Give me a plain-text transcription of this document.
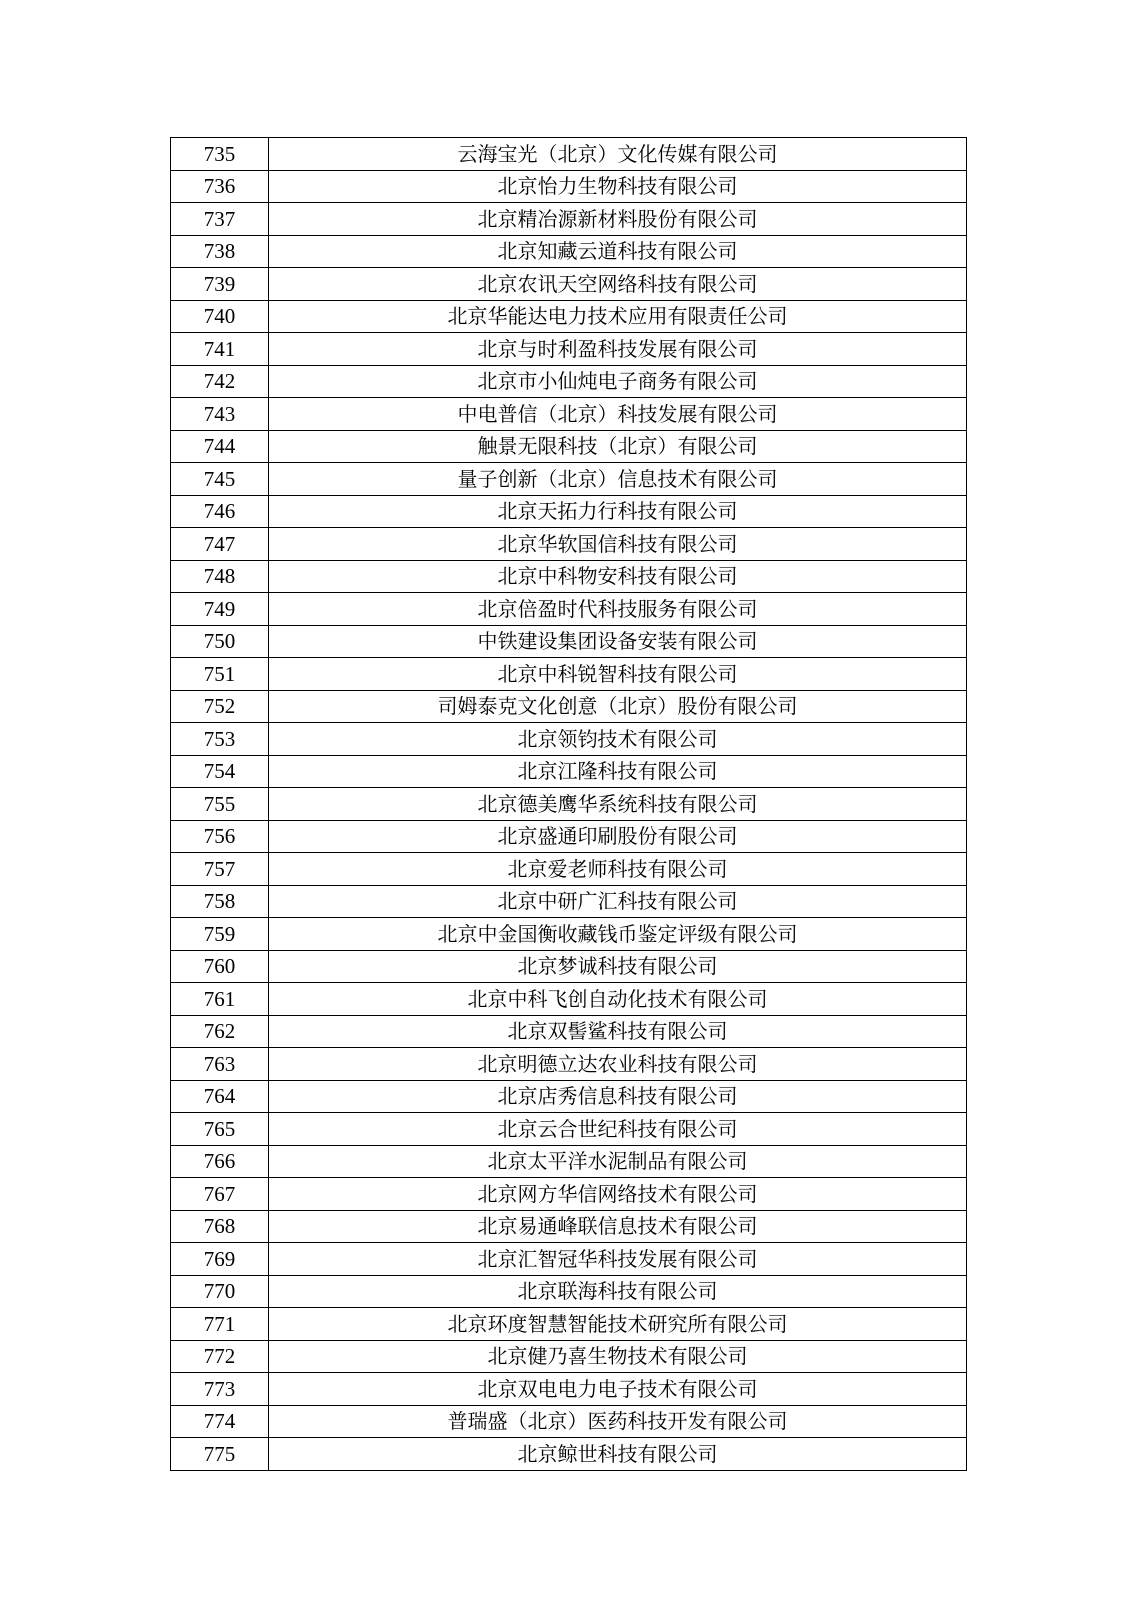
735	云海宝光（北京）文化传媒有限公司
736	北京怡力生物科技有限公司
737	北京精冶源新材料股份有限公司
738	北京知藏云道科技有限公司
739	北京农讯天空网络科技有限公司
740	北京华能达电力技术应用有限责任公司
741	北京与时利盈科技发展有限公司
742	北京市小仙炖电子商务有限公司
743	中电普信（北京）科技发展有限公司
744	触景无限科技（北京）有限公司
745	量子创新（北京）信息技术有限公司
746	北京天拓力行科技有限公司
747	北京华软国信科技有限公司
748	北京中科物安科技有限公司
749	北京倍盈时代科技服务有限公司
750	中铁建设集团设备安装有限公司
751	北京中科锐智科技有限公司
752	司姆泰克文化创意（北京）股份有限公司
753	北京领钧技术有限公司
754	北京江隆科技有限公司
755	北京德美鹰华系统科技有限公司
756	北京盛通印刷股份有限公司
757	北京爱老师科技有限公司
758	北京中研广汇科技有限公司
759	北京中金国衡收藏钱币鉴定评级有限公司
760	北京梦诚科技有限公司
761	北京中科飞创自动化技术有限公司
762	北京双髻鲨科技有限公司
763	北京明德立达农业科技有限公司
764	北京店秀信息科技有限公司
765	北京云合世纪科技有限公司
766	北京太平洋水泥制品有限公司
767	北京网方华信网络技术有限公司
768	北京易通峰联信息技术有限公司
769	北京汇智冠华科技发展有限公司
770	北京联海科技有限公司
771	北京环度智慧智能技术研究所有限公司
772	北京健乃喜生物技术有限公司
773	北京双电电力电子技术有限公司
774	普瑞盛（北京）医药科技开发有限公司
775	北京鲸世科技有限公司
